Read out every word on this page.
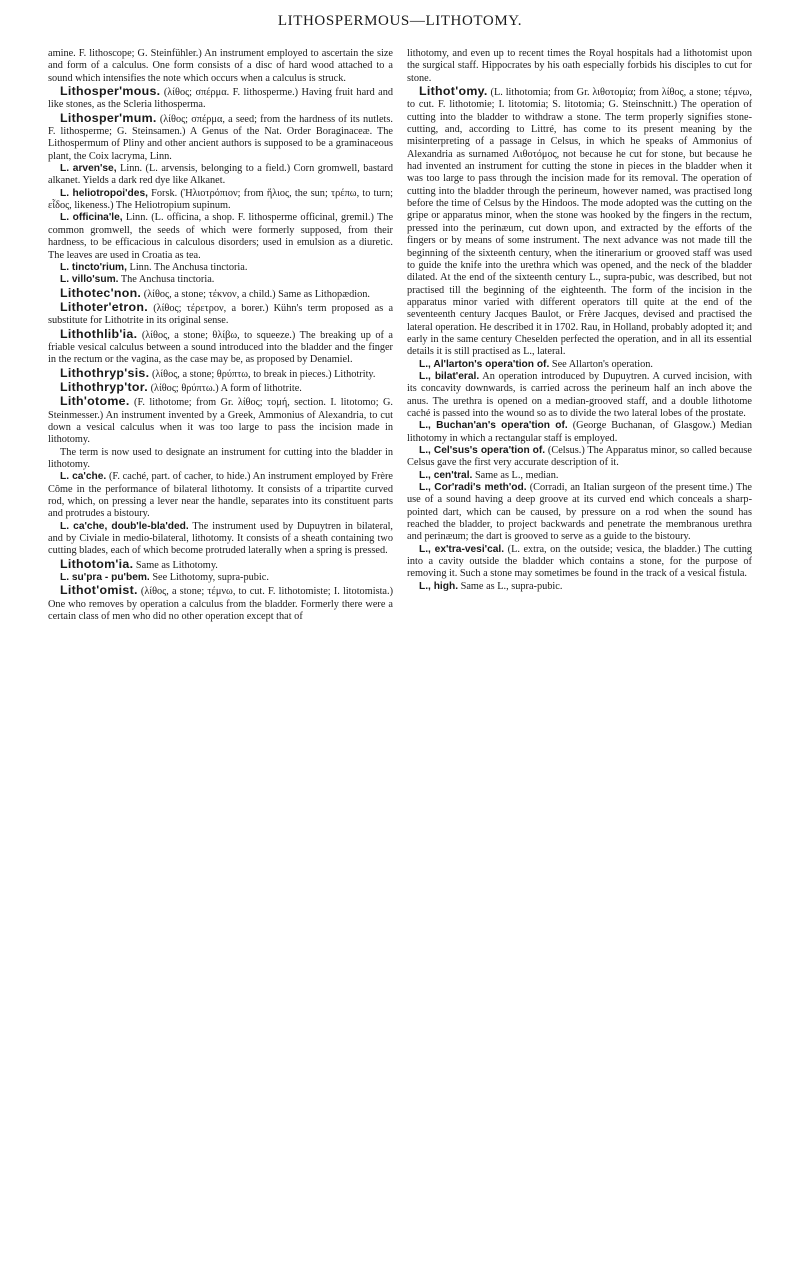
LITHOSPERMOUS—LITHOTOMY.

amine. F. lithoscope; G. Steinfühler.) An instrument employed to ascertain the size and form of a calculus. One form consists of a disc of hard wood attached to a sound which intensifies the note which occurs when a calculus is struck.

Lithosper'mous. (λίθος; σπέρμα. F. lithosperme.) Having fruit hard and like stones, as the Scleria lithosperma.

Lithosper'mum. (λίθος; σπέρμα, a seed; from the hardness of its nutlets. F. lithosperme; G. Steinsamen.) A Genus of the Nat. Order Boraginaceæ. The Lithospermum of Pliny and other ancient authors is supposed to be a graminaceous plant, the Coix lacryma, Linn.

L. arven'se, Linn. (L. arvensis, belonging to a field.) Corn gromwell, bastard alkanet. Yields a dark red dye like Alkanet.

L. heliotropoi'des, Forsk. (Ἡλιοτρόπιον; from ἥλιος, the sun; τρέπω, to turn; εἶδος, likeness.) The Heliotropium supinum.

L. officina'le, Linn. (L. officina, a shop. F. lithosperme officinal, gremil.) The common gromwell, the seeds of which were formerly supposed, from their hardness, to be efficacious in calculous disorders; used in emulsion as a diuretic. The leaves are used in Croatia as tea.

L. tincto'rium, Linn. The Anchusa tinctoria.

L. villo'sum. The Anchusa tinctoria.

Lithotec'non. (λίθος, a stone; τέκνον, a child.) Same as Lithopædion.

Lithoter'etron. (λίθος; τέρετρον, a borer.) Kühn's term proposed as a substitute for Lithotrite in its original sense.

Lithothlib'ia. (λίθος, a stone; θλίβω, to squeeze.) The breaking up of a friable vesical calculus between a sound introduced into the bladder and the finger in the rectum or the vagina, as the case may be, as proposed by Denamiel.

Lithothryp'sis. (λίθος, a stone; θρύπτω, to break in pieces.) Lithotrity.

Lithothryp'tor. (λίθος; θρύπτω.) A form of lithotrite.

Lith'otome. (F. lithotome; from Gr. λίθος; τομή, section. I. litotomo; G. Steinmesser.) An instrument invented by a Greek, Ammonius of Alexandria, to cut down a vesical calculus when it was too large to pass the incision made in lithotomy.

The term is now used to designate an instrument for cutting into the bladder in lithotomy.

L. ca'che. (F. caché, part. of cacher, to hide.) An instrument employed by Frère Côme in the performance of bilateral lithotomy. It consists of a tripartite curved rod, which, on pressing a lever near the handle, separates into its constituent parts and protrudes a bistoury.

L. ca'che, doub'le-bla'ded. The instrument used by Dupuytren in bilateral, and by Civiale in medio-bilateral, lithotomy. It consists of a sheath containing two cutting blades, each of which become protruded laterally when a spring is pressed.

Lithotom'ia. Same as Lithotomy.

L. su'pra - pu'bem. See Lithotomy, supra-pubic.

Lithot'omist. (λίθος, a stone; τέμνω, to cut. F. lithotomiste; I. litotomista.) One who removes by operation a calculus from the bladder. Formerly there were a certain class of men who did no other operation except that of

lithotomy, and even up to recent times the Royal hospitals had a lithotomist upon the surgical staff. Hippocrates by his oath especially forbids his disciples to cut for stone.

Lithot'omy. (L. lithotomia; from Gr. λιθοτομία; from λίθος, a stone; τέμνω, to cut. F. lithotomie; I. litotomia; S. litotomia; G. Steinschnitt.) The operation of cutting into the bladder to withdraw a stone. The term properly signifies stone-cutting, and, according to Littré, has come to its present meaning by the misinterpreting of a passage in Celsus, in which he speaks of Ammonius of Alexandria as surnamed Λιθοτόμος, not because he cut for stone, but because he had invented an instrument for cutting the stone in pieces in the bladder when it was too large to pass through the incision made for its removal. The operation of cutting into the bladder through the perineum, however named, was practised long before the time of Celsus by the Hindoos. The mode adopted was the cutting on the gripe or apparatus minor, when the stone was hooked by the fingers in the rectum, pressed into the perinæum, cut down upon, and extracted by the efforts of the fingers or by means of some instrument. The next advance was not made till the beginning of the sixteenth century, when the itinerarium or grooved staff was used to guide the knife into the urethra which was opened, and the neck of the bladder dilated. At the end of the sixteenth century L., supra-pubic, was described, but not practised till the beginning of the eighteenth. The form of the incision in the apparatus minor varied with different operators till quite at the end of the seventeenth century Jacques Baulot, or Frère Jacques, devised and practised the lateral operation. He described it in 1702. Rau, in Holland, probably adopted it; and early in the same century Cheselden perfected the operation, and in all its essential details it is still practised as L., lateral.

L., Al'larton's opera'tion of. See Allarton's operation.

L., bilat'eral. An operation introduced by Dupuytren. A curved incision, with its concavity downwards, is carried across the perineum half an inch above the anus. The urethra is opened on a median-grooved staff, and a double lithotome caché is passed into the wound so as to divide the two lateral lobes of the prostate.

L., Buchan'an's opera'tion of. (George Buchanan, of Glasgow.) Median lithotomy in which a rectangular staff is employed.

L., Cel'sus's opera'tion of. (Celsus.) The Apparatus minor, so called because Celsus gave the first very accurate description of it.

L., cen'tral. Same as L., median.

L., Cor'radi's meth'od. (Corradi, an Italian surgeon of the present time.) The use of a sound having a deep groove at its curved end which conceals a sharp-pointed dart, which can be caused, by pressure on a rod when the sound has reached the bladder, to project backwards and penetrate the membranous urethra and perinæum; the dart is grooved to serve as a guide to the bistoury.

L., ex'tra-vesi'cal. (L. extra, on the outside; vesica, the bladder.) The cutting into a cavity outside the bladder which contains a stone, for the purpose of removing it. Such a stone may sometimes be found in the track of a vesical fistula.

L., high. Same as L., supra-pubic.
